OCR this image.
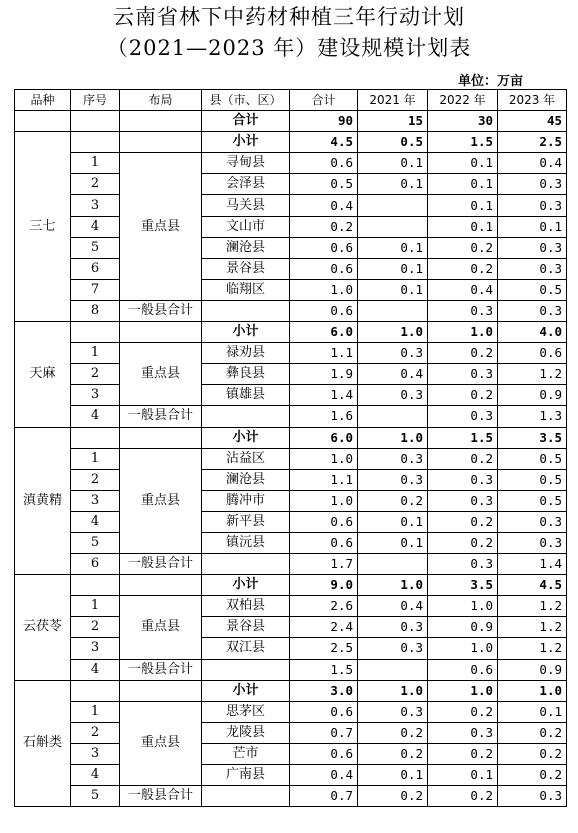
云南省林下中药材种植三年行动计划
（2021—2023 年）建设规模计划表
单位：万亩
品种	序号	布局	县（市、区）	合计	2021 年	2022 年	2023 年
			合计	90	15	30	45
三七			小计	4.5	0.5	1.5	2.5
	1	重点县	寻甸县	0.6	0.1	0.1	0.4
	2		会泽县	0.5	0.1	0.1	0.3
	3		马关县	0.4		0.1	0.3
	4		文山市	0.2		0.1	0.1
	5		澜沧县	0.6	0.1	0.2	0.3
	6		景谷县	0.6	0.1	0.2	0.3
	7		临翔区	1.0	0.1	0.4	0.5
	8	一般县合计		0.6		0.3	0.3
天麻			小计	6.0	1.0	1.0	4.0
	1	重点县	禄劝县	1.1	0.3	0.2	0.6
	2		彝良县	1.9	0.4	0.3	1.2
	3		镇雄县	1.4	0.3	0.2	0.9
	4	一般县合计		1.6		0.3	1.3
滇黄精			小计	6.0	1.0	1.5	3.5
	1	重点县	沾益区	1.0	0.3	0.2	0.5
	2		澜沧县	1.1	0.3	0.3	0.5
	3		腾冲市	1.0	0.2	0.3	0.5
	4		新平县	0.6	0.1	0.2	0.3
	5		镇沅县	0.6	0.1	0.2	0.3
	6	一般县合计		1.7		0.3	1.4
云茯苓			小计	9.0	1.0	3.5	4.5
	1	重点县	双柏县	2.6	0.4	1.0	1.2
	2		景谷县	2.4	0.3	0.9	1.2
	3		双江县	2.5	0.3	1.0	1.2
	4	一般县合计		1.5		0.6	0.9
石斛类			小计	3.0	1.0	1.0	1.0
	1	重点县	思茅区	0.6	0.3	0.2	0.1
	2		龙陵县	0.7	0.2	0.3	0.2
	3		芒市	0.6	0.2	0.2	0.2
	4		广南县	0.4	0.1	0.1	0.2
	5	一般县合计		0.7	0.2	0.2	0.3
